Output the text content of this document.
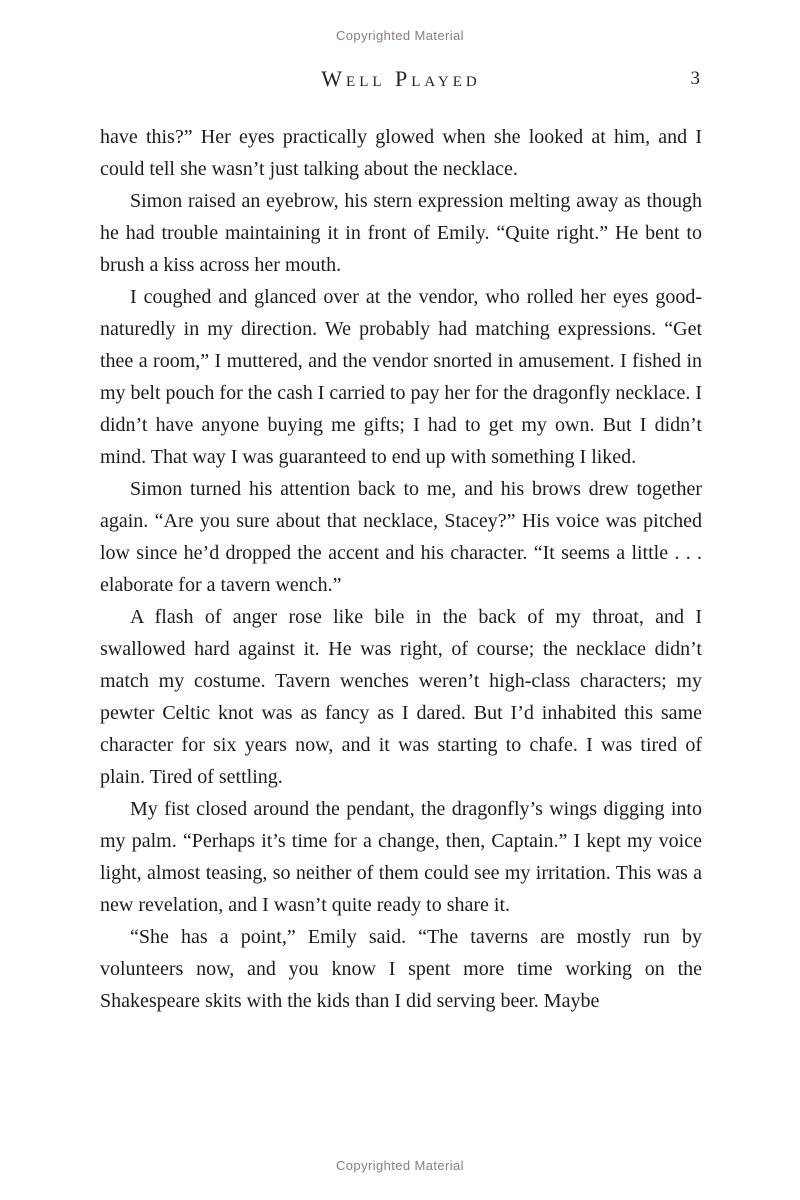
Copyrighted Material
Well Played	3

have this?” Her eyes practically glowed when she looked at him, and I could tell she wasn’t just talking about the necklace.

Simon raised an eyebrow, his stern expression melting away as though he had trouble maintaining it in front of Emily. “Quite right.” He bent to brush a kiss across her mouth.

I coughed and glanced over at the vendor, who rolled her eyes good-naturedly in my direction. We probably had matching expressions. “Get thee a room,” I muttered, and the vendor snorted in amusement. I fished in my belt pouch for the cash I carried to pay her for the dragonfly necklace. I didn’t have anyone buying me gifts; I had to get my own. But I didn’t mind. That way I was guaranteed to end up with something I liked.

Simon turned his attention back to me, and his brows drew together again. “Are you sure about that necklace, Stacey?” His voice was pitched low since he’d dropped the accent and his character. “It seems a little . . . elaborate for a tavern wench.”

A flash of anger rose like bile in the back of my throat, and I swallowed hard against it. He was right, of course; the necklace didn’t match my costume. Tavern wenches weren’t high-class characters; my pewter Celtic knot was as fancy as I dared. But I’d inhabited this same character for six years now, and it was starting to chafe. I was tired of plain. Tired of settling.

My fist closed around the pendant, the dragonfly’s wings digging into my palm. “Perhaps it’s time for a change, then, Captain.” I kept my voice light, almost teasing, so neither of them could see my irritation. This was a new revelation, and I wasn’t quite ready to share it.

“She has a point,” Emily said. “The taverns are mostly run by volunteers now, and you know I spent more time working on the Shakespeare skits with the kids than I did serving beer. Maybe

Copyrighted Material
